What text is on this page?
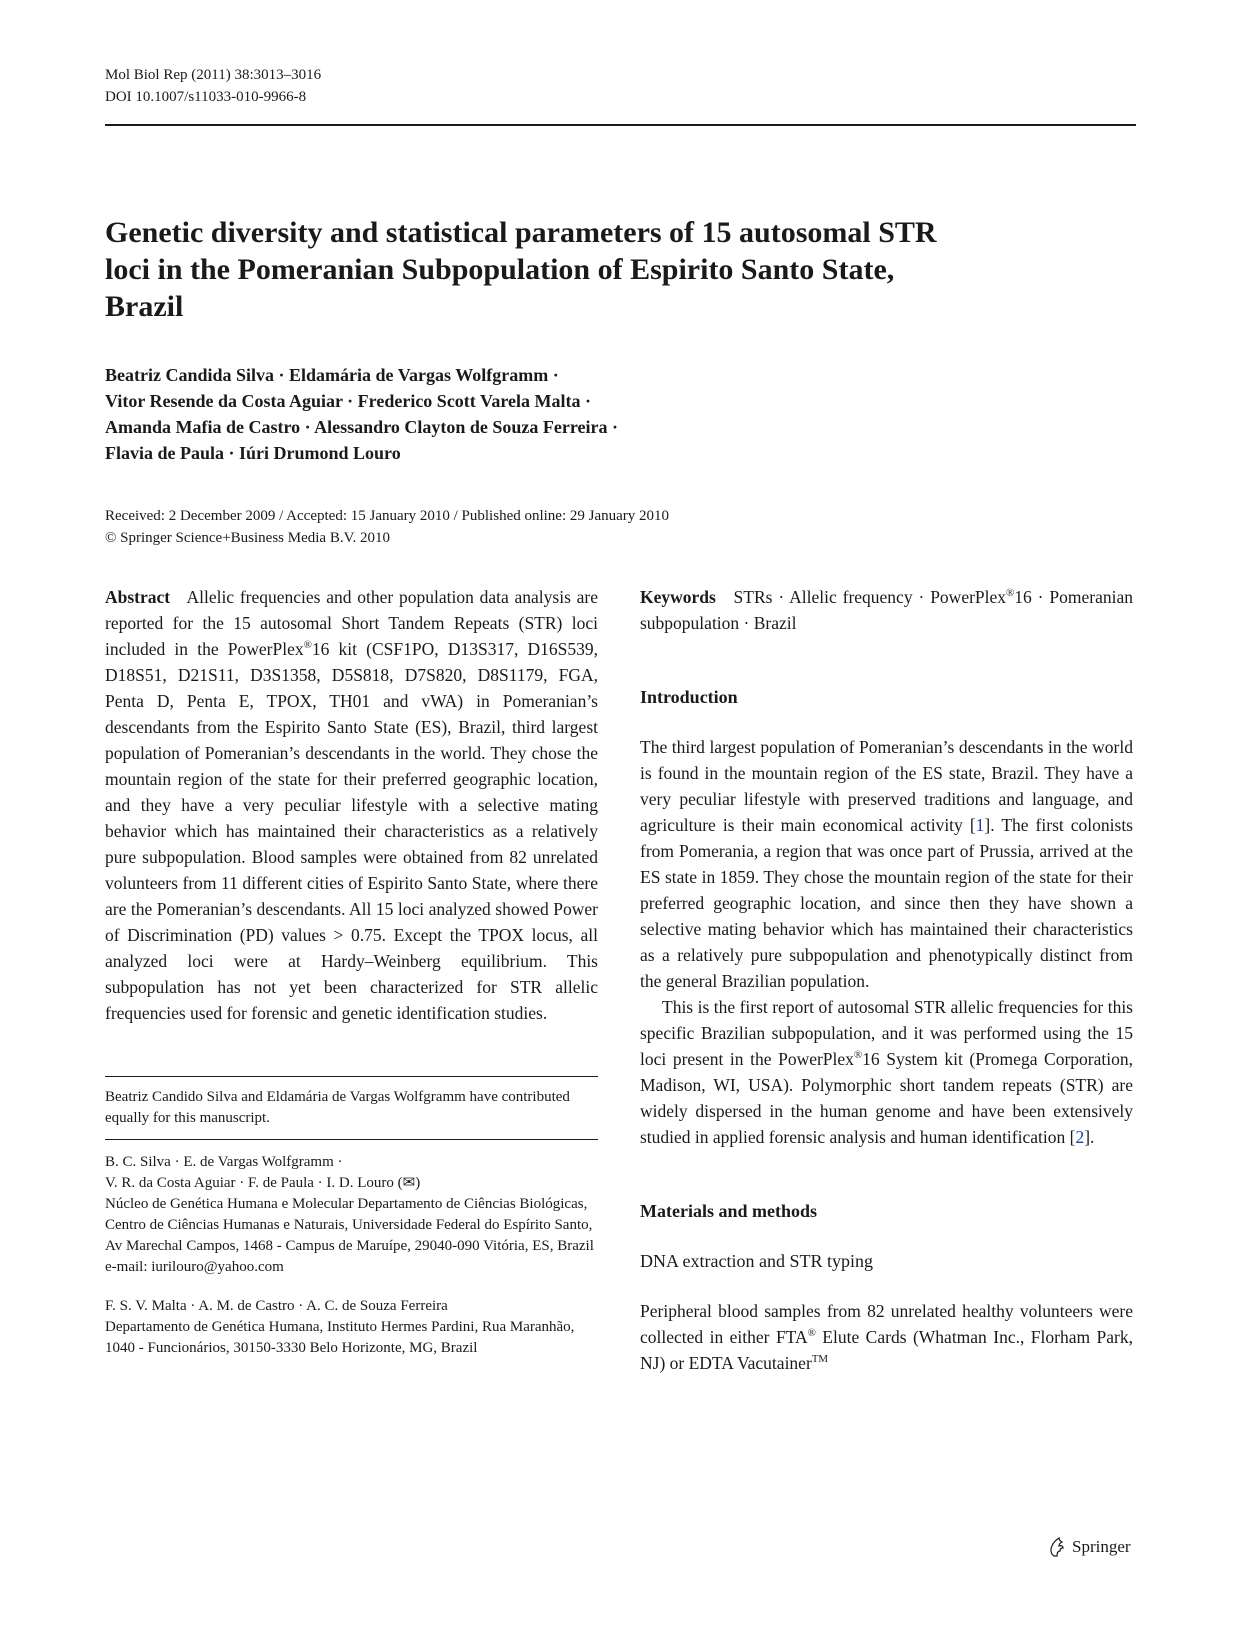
Mol Biol Rep (2011) 38:3013–3016
DOI 10.1007/s11033-010-9966-8
Genetic diversity and statistical parameters of 15 autosomal STR
loci in the Pomeranian Subpopulation of Espirito Santo State,
Brazil
Beatriz Candida Silva · Eldamária de Vargas Wolfgramm ·
Vitor Resende da Costa Aguiar · Frederico Scott Varela Malta ·
Amanda Mafia de Castro · Alessandro Clayton de Souza Ferreira ·
Flavia de Paula · Iúri Drumond Louro
Received: 2 December 2009 / Accepted: 15 January 2010 / Published online: 29 January 2010
© Springer Science+Business Media B.V. 2010

Abstract Allelic frequencies and other population data analysis are reported for the 15 autosomal Short Tandem Repeats (STR) loci included in the PowerPlex®16 kit (CSF1PO, D13S317, D16S539, D18S51, D21S11, D3S1358, D5S818, D7S820, D8S1179, FGA, Penta D, Penta E, TPOX, TH01 and vWA) in Pomeranian’s descendants from the Espirito Santo State (ES), Brazil, third largest population of Pomeranian’s descendants in the world. They chose the mountain region of the state for their preferred geographic location, and they have a very peculiar lifestyle with a selective mating behavior which has maintained their characteristics as a relatively pure subpopulation. Blood samples were obtained from 82 unrelated volunteers from 11 different cities of Espirito Santo State, where there are the Pomeranian’s descendants. All 15 loci analyzed showed Power of Discrimination (PD) values > 0.75. Except the TPOX locus, all analyzed loci were at Hardy–Weinberg equilibrium. This subpopulation has not yet been characterized for STR allelic frequencies used for forensic and genetic identification studies.

Beatriz Candido Silva and Eldamária de Vargas Wolfgramm have contributed equally for this manuscript.

B. C. Silva · E. de Vargas Wolfgramm ·
V. R. da Costa Aguiar · F. de Paula · I. D. Louro (✉)
Núcleo de Genética Humana e Molecular Departamento de Ciências Biológicas, Centro de Ciências Humanas e Naturais, Universidade Federal do Espírito Santo, Av Marechal Campos, 1468 - Campus de Maruípe, 29040-090 Vitória, ES, Brazil
e-mail: iurilouro@yahoo.com
F. S. V. Malta · A. M. de Castro · A. C. de Souza Ferreira
Departamento de Genética Humana, Instituto Hermes Pardini, Rua Maranhão, 1040 - Funcionários, 30150-3330 Belo Horizonte, MG, Brazil

Keywords STRs · Allelic frequency · PowerPlex®16 · Pomeranian subpopulation · Brazil

Introduction

The third largest population of Pomeranian’s descendants in the world is found in the mountain region of the ES state, Brazil. They have a very peculiar lifestyle with preserved traditions and language, and agriculture is their main economical activity [1]. The first colonists from Pomerania, a region that was once part of Prussia, arrived at the ES state in 1859. They chose the mountain region of the state for their preferred geographic location, and since then they have shown a selective mating behavior which has maintained their characteristics as a relatively pure subpopulation and phenotypically distinct from the general Brazilian population.

This is the first report of autosomal STR allelic frequencies for this specific Brazilian subpopulation, and it was performed using the 15 loci present in the PowerPlex®16 System kit (Promega Corporation, Madison, WI, USA). Polymorphic short tandem repeats (STR) are widely dispersed in the human genome and have been extensively studied in applied forensic analysis and human identification [2].

Materials and methods
DNA extraction and STR typing

Peripheral blood samples from 82 unrelated healthy volunteers were collected in either FTA® Elute Cards (Whatman Inc., Florham Park, NJ) or EDTA Vacutainer™

Springer
